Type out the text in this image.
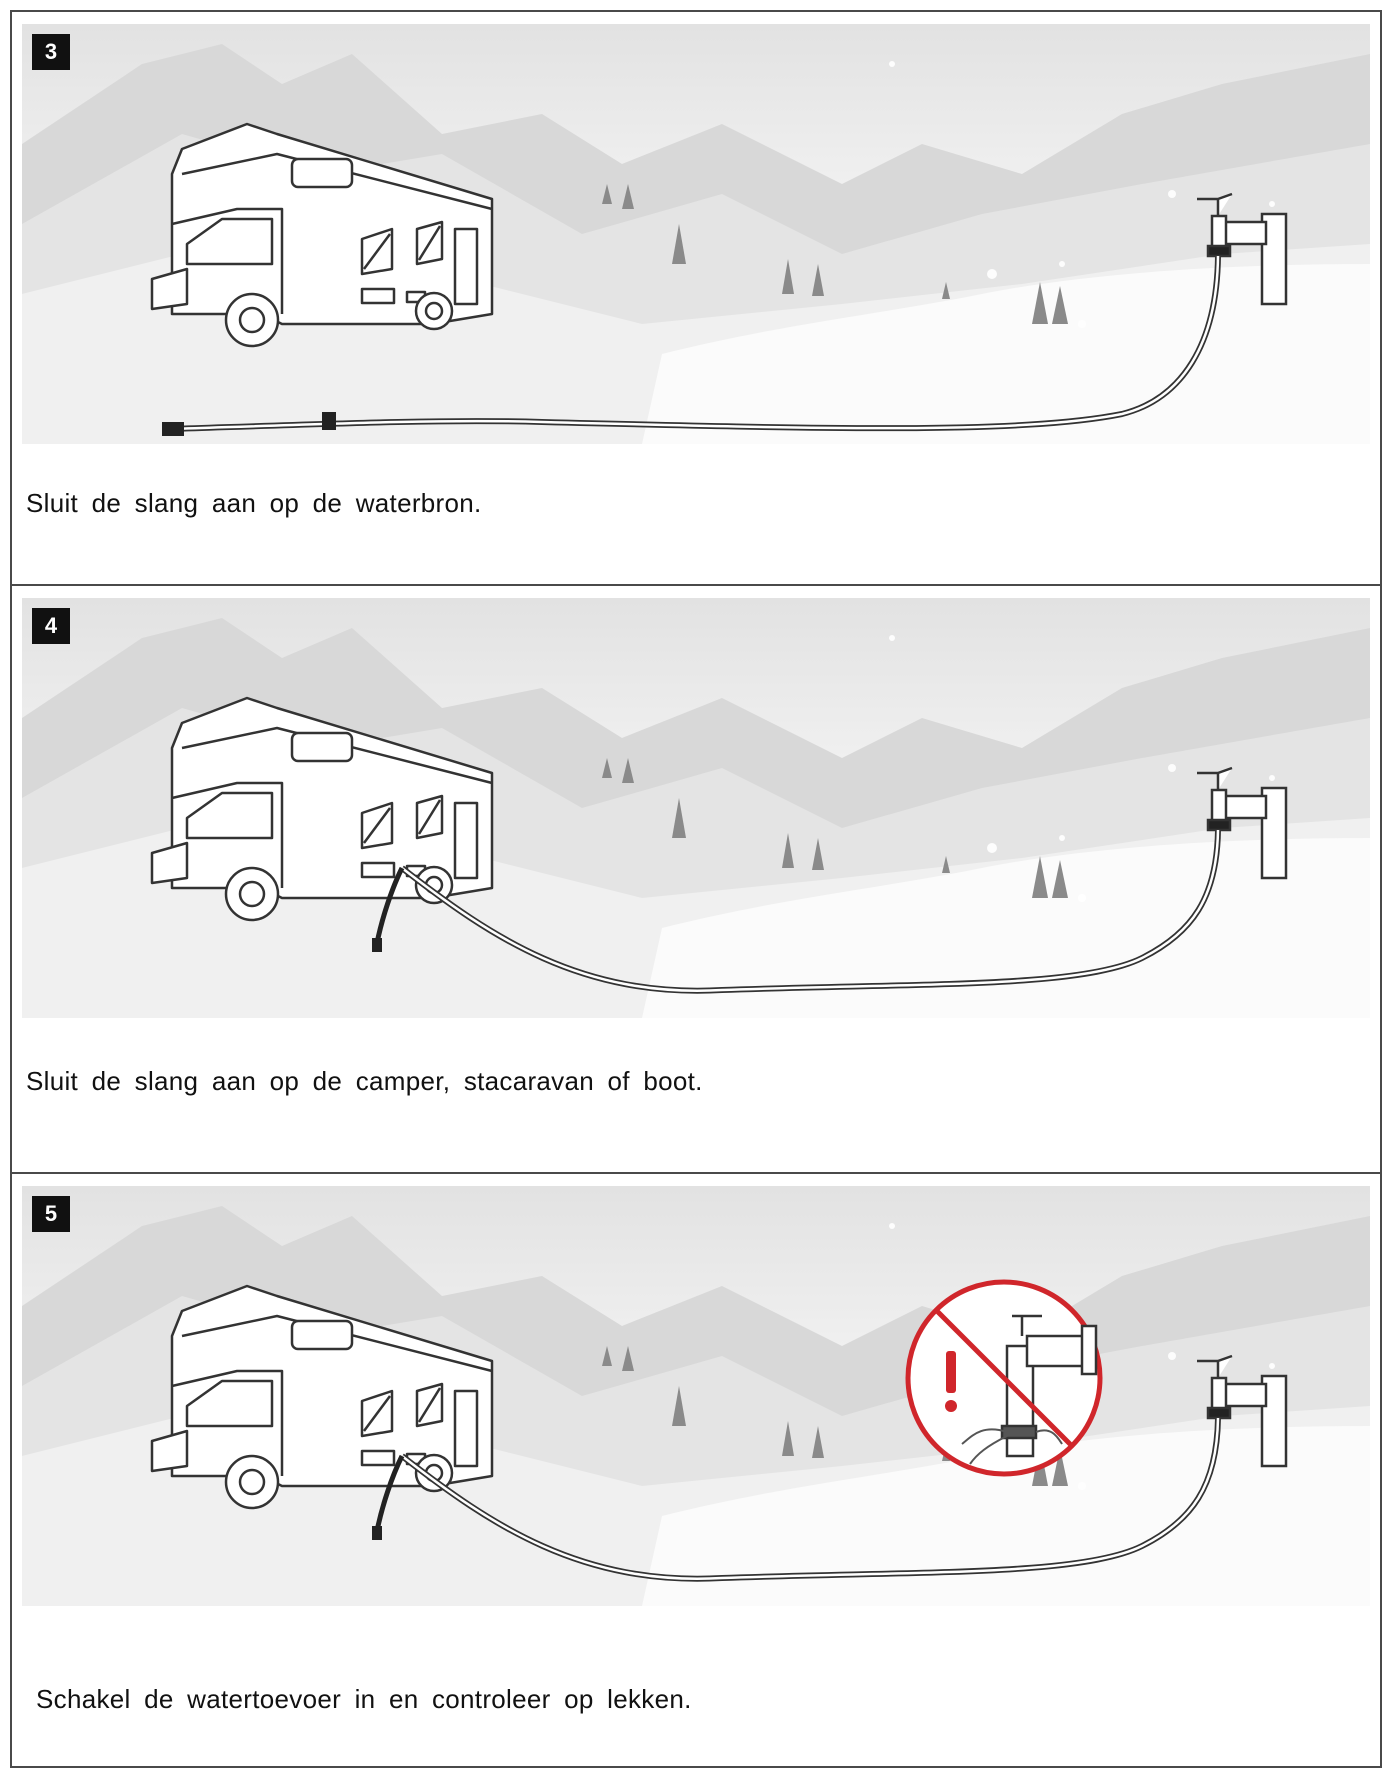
3
Sluit de slang aan op de waterbron.
4
Sluit de slang aan op de camper, stacaravan of boot.
5
Schakel de watertoevoer in en controleer op lekken.
